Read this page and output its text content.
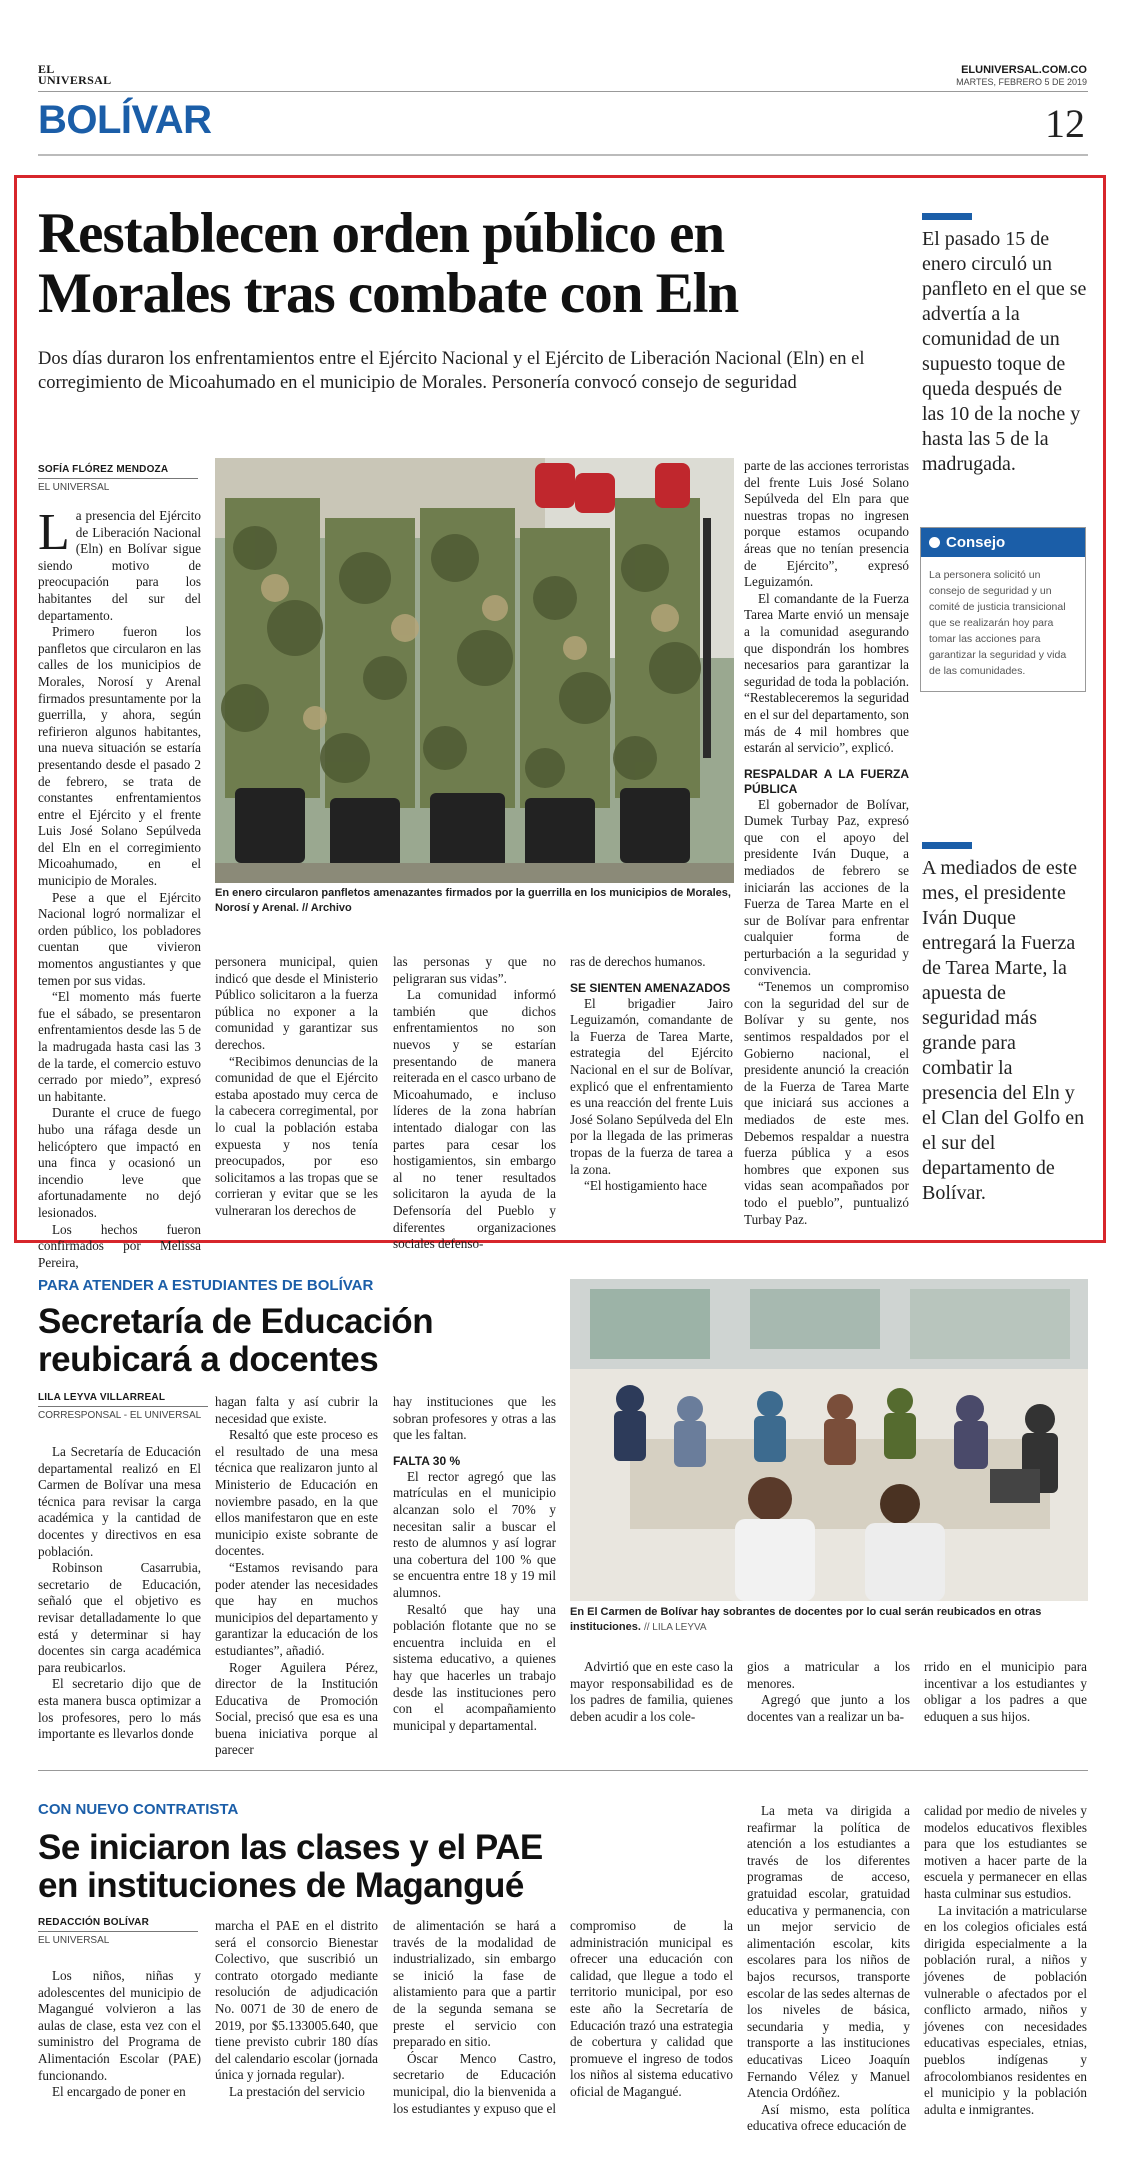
EL
UNIVERSAL
ELUNIVERSAL.COM.CO
MARTES, FEBRERO 5 DE 2019
BOLÍVAR	12
Restablecen orden público en Morales tras combate con Eln
Dos días duraron los enfrentamientos entre el Ejército Nacional y el Ejército de Liberación Nacional (Eln) en el corregimiento de Micoahumado en el municipio de Morales. Personería convocó consejo de seguridad
SOFÍA FLÓREZ MENDOZA
EL UNIVERSAL

La presencia del Ejército de Liberación Nacional (Eln) en Bolívar sigue siendo motivo de preocupación para los habitantes del sur del departamento.

Primero fueron los panfletos que circularon en las calles de los municipios de Morales, Norosí y Arenal firmados presuntamente por la guerrilla, y ahora, según refirieron algunos habitantes, una nueva situación se estaría presentando desde el pasado 2 de febrero, se trata de constantes enfrentamientos entre el Ejército y el frente Luis José Solano Sepúlveda del Eln en el corregimiento Micoahumado, en el municipio de Morales.

Pese a que el Ejército Nacional logró normalizar el orden público, los pobladores cuentan que vivieron momentos angustiantes y que temen por sus vidas.

“El momento más fuerte fue el sábado, se presentaron enfrentamientos desde las 5 de la madrugada hasta casi las 3 de la tarde, el comercio estuvo cerrado por miedo”, expresó un habitante.

Durante el cruce de fuego hubo una ráfaga desde un helicóptero que impactó en una finca y ocasionó un incendio leve que afortunadamente no dejó lesionados.

Los hechos fueron confirmados por Melissa Pereira,

En enero circularon panfletos amenazantes firmados por la guerrilla en los municipios de Morales, Norosí y Arenal. // Archivo

parte de las acciones terroristas del frente Luis José Solano Sepúlveda del Eln para que nuestras tropas no ingresen porque estamos ocupando áreas que no tenían presencia de Ejército”, expresó Leguizamón.

El comandante de la Fuerza Tarea Marte envió un mensaje a la comunidad asegurando que dispondrán los hombres necesarios para garantizar la seguridad de toda la población. “Restableceremos la seguridad en el sur del departamento, son más de 4 mil hombres que estarán al servicio”, explicó.

RESPALDAR A LA FUERZA PÚBLICA

El gobernador de Bolívar, Dumek Turbay Paz, expresó que con el apoyo del presidente Iván Duque, a mediados de febrero se iniciarán las acciones de la Fuerza de Tarea Marte en el sur de Bolívar para enfrentar cualquier forma de perturbación a la seguridad y convivencia.

“Tenemos un compromiso con la seguridad del sur de Bolívar y su gente, nos sentimos respaldados por el Gobierno nacional, el presidente anunció la creación de la Fuerza de Tarea Marte que iniciará sus acciones a mediados de este mes. Debemos respaldar a nuestra fuerza pública y a esos hombres que exponen sus vidas sean acompañados por todo el pueblo”, puntualizó Turbay Paz.

personera municipal, quien indicó que desde el Ministerio Público solicitaron a la fuerza pública no exponer a la comunidad y garantizar sus derechos.

“Recibimos denuncias de la comunidad de que el Ejército estaba apostado muy cerca de la cabecera corregimental, por lo cual la población estaba expuesta y nos tenía preocupados, por eso solicitamos a las tropas que se corrieran y evitar que se les vulneraran los derechos de

las personas y que no peligraran sus vidas”.

La comunidad informó también que dichos enfrentamientos no son nuevos y se estarían presentando de manera reiterada en el casco urbano de Micoahumado, e incluso líderes de la zona habrían intentado dialogar con las partes para cesar los hostigamientos, sin embargo al no tener resultados solicitaron la ayuda de la Defensoría del Pueblo y diferentes organizaciones sociales defenso-

ras de derechos humanos.

SE SIENTEN AMENAZADOS

El brigadier Jairo Leguizamón, comandante de la Fuerza de Tarea Marte, estrategia del Ejército Nacional en el sur de Bolívar, explicó que el enfrentamiento es una reacción del frente Luis José Solano Sepúlveda del Eln por la llegada de las primeras tropas de la fuerza de tarea a la zona.

“El hostigamiento hace

El pasado 15 de enero circuló un panfleto en el que se advertía a la comunidad de un supuesto toque de queda después de las 10 de la noche y hasta las 5 de la madrugada.
Consejo
La personera solicitó un consejo de seguridad y un comité de justicia transicional que se realizarán hoy para tomar las acciones para garantizar la seguridad y vida de las comunidades.
A mediados de este mes, el presidente Iván Duque entregará la Fuerza de Tarea Marte, la apuesta de seguridad más grande para combatir la presencia del Eln y el Clan del Golfo en el sur del departamento de Bolívar.
PARA ATENDER A ESTUDIANTES DE BOLÍVAR
Secretaría de Educación
reubicará a docentes
LILA LEYVA VILLARREAL
CORRESPONSAL - EL UNIVERSAL

La Secretaría de Educación departamental realizó en El Carmen de Bolívar una mesa técnica para revisar la carga académica y la cantidad de docentes y directivos en esa población.

Robinson Casarrubia, secretario de Educación, señaló que el objetivo es revisar detalladamente lo que está y determinar si hay docentes sin carga académica para reubicarlos.

El secretario dijo que de esta manera busca optimizar a los profesores, pero lo más importante es llevarlos donde

hagan falta y así cubrir la necesidad que existe.

Resaltó que este proceso es el resultado de una mesa técnica que realizaron junto al Ministerio de Educación en noviembre pasado, en la que ellos manifestaron que en este municipio existe sobrante de docentes.

“Estamos revisando para poder atender las necesidades que hay en muchos municipios del departamento y garantizar la educación de los estudiantes”, añadió.

Roger Aguilera Pérez, director de la Institución Educativa de Promoción Social, precisó que esa es una buena iniciativa porque al parecer

hay instituciones que les sobran profesores y otras a las que les faltan.

FALTA 30 %

El rector agregó que las matrículas en el municipio alcanzan solo el 70% y necesitan salir a buscar el resto de alumnos y así lograr una cobertura del 100 % que se encuentra entre 18 y 19 mil alumnos.

Resaltó que hay una población flotante que no se encuentra incluida en el sistema educativo, a quienes hay que hacerles un trabajo desde las instituciones pero con el acompañamiento municipal y departamental.

En El Carmen de Bolívar hay sobrantes de docentes por lo cual serán reubicados en otras instituciones. // LILA LEYVA

Advirtió que en este caso la mayor responsabilidad es de los padres de familia, quienes deben acudir a los cole-

gios a matricular a los menores.

Agregó que junto a los docentes van a realizar un ba-

rrido en el municipio para incentivar a los estudiantes y obligar a los padres a que eduquen a sus hijos.

CON NUEVO CONTRATISTA
Se iniciaron las clases y el PAE
en instituciones de Magangué
REDACCIÓN BOLÍVAR
EL UNIVERSAL

Los niños, niñas y adolescentes del municipio de Magangué volvieron a las aulas de clase, esta vez con el suministro del Programa de Alimentación Escolar (PAE) funcionando.

El encargado de poner en

marcha el PAE en el distrito será el consorcio Bienestar Colectivo, que suscribió un contrato otorgado mediante resolución de adjudicación No. 0071 de 30 de enero de 2019, por $5.133005.640, que tiene previsto cubrir 180 días del calendario escolar (jornada única y jornada regular).

La prestación del servicio

de alimentación se hará a través de la modalidad de industrializado, sin embargo se inició la fase de alistamiento para que a partir de la segunda semana se preste el servicio con preparado en sitio.

Óscar Menco Castro, secretario de Educación municipal, dio la bienvenida a los estudiantes y expuso que el

compromiso de la administración municipal es ofrecer una educación con calidad, que llegue a todo el territorio municipal, por eso este año la Secretaría de Educación trazó una estrategia de cobertura y calidad que promueve el ingreso de todos los niños al sistema educativo oficial de Magangué.

La meta va dirigida a reafirmar la política de atención a los estudiantes a través de los diferentes programas de acceso, gratuidad escolar, gratuidad educativa y permanencia, con un mejor servicio de alimentación escolar, kits escolares para los niños de bajos recursos, transporte escolar de las sedes alternas de los niveles de básica, secundaria y media, y transporte a las instituciones educativas Liceo Joaquín Fernando Vélez y Manuel Atencia Ordóñez.

Así mismo, esta política educativa ofrece educación de

calidad por medio de niveles y modelos educativos flexibles para que los estudiantes se motiven a hacer parte de la escuela y permanecer en ellas hasta culminar sus estudios.

La invitación a matricularse en los colegios oficiales está dirigida especialmente a la población rural, a niños y jóvenes de población vulnerable o afectados por el conflicto armado, niños y jóvenes con necesidades educativas especiales, etnias, pueblos indígenas y afrocolombianos residentes en el municipio y la población adulta e inmigrantes.
